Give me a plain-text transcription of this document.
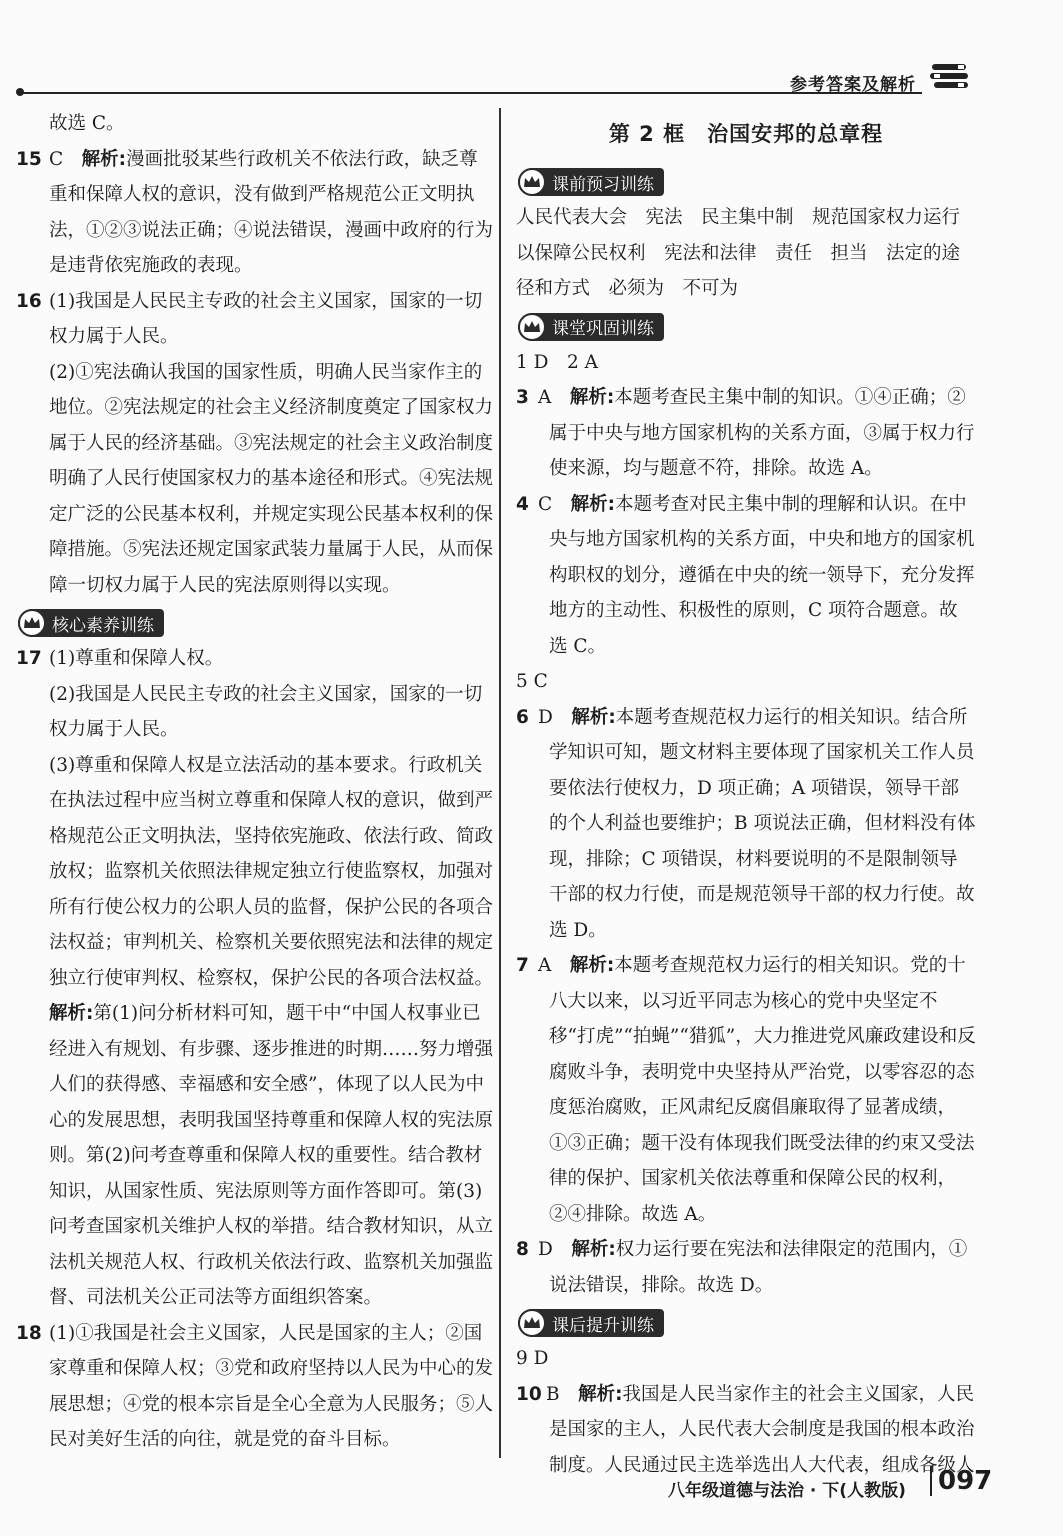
参考答案及解析

故选 C。

15 C　 解析:漫画批驳某些行政机关不依法行政，缺乏尊重和保障人权的意识，没有做到严格规范公正文明执法，①②③说法正确；④说法错误，漫画中政府的行为是违背依宪施政的表现。

16 (1)我国是人民民主专政的社会主义国家，国家的一切权力属于人民。

(2)①宪法确认我国的国家性质，明确人民当家作主的地位。②宪法规定的社会主义经济制度奠定了国家权力属于人民的经济基础。③宪法规定的社会主义政治制度明确了人民行使国家权力的基本途径和形式。④宪法规定广泛的公民基本权利，并规定实现公民基本权利的保障措施。⑤宪法还规定国家武装力量属于人民，从而保障一切权力属于人民的宪法原则得以实现。

核心素养训练

17 (1)尊重和保障人权。

(2)我国是人民民主专政的社会主义国家，国家的一切权力属于人民。

(3)尊重和保障人权是立法活动的基本要求。行政机关在执法过程中应当树立尊重和保障人权的意识，做到严格规范公正文明执法，坚持依宪施政、依法行政、简政放权；监察机关依照法律规定独立行使监察权，加强对所有行使公权力的公职人员的监督，保护公民的各项合法权益；审判机关、检察机关要依照宪法和法律的规定独立行使审判权、检察权，保护公民的各项合法权益。

解析:第(1)问分析材料可知，题干中“中国人权事业已经进入有规划、有步骤、逐步推进的时期……努力增强人们的获得感、幸福感和安全感”，体现了以人民为中心的发展思想，表明我国坚持尊重和保障人权的宪法原则。第(2)问考查尊重和保障人权的重要性。结合教材知识，从国家性质、宪法原则等方面作答即可。第(3)问考查国家机关维护人权的举措。结合教材知识，从立法机关规范人权、行政机关依法行政、监察机关加强监督、司法机关公正司法等方面组织答案。

18 (1)①我国是社会主义国家，人民是国家的主人；②国家尊重和保障人权；③党和政府坚持以人民为中心的发展思想；④党的根本宗旨是全心全意为人民服务；⑤人民对美好生活的向往，就是党的奋斗目标。

第 2 框　治国安邦的总章程
课前预习训练

人民代表大会　宪法　民主集中制　规范国家权力运行以保障公民权利　宪法和法律　责任　担当　法定的途径和方式　必须为　不可为

课堂巩固训练

1 D　2 A

3 A　 解析:本题考查民主集中制的知识。①④正确；②属于中央与地方国家机构的关系方面，③属于权力行使来源，均与题意不符，排除。故选 A。

4 C　 解析:本题考查对民主集中制的理解和认识。在中央与地方国家机构的关系方面，中央和地方的国家机构职权的划分，遵循在中央的统一领导下，充分发挥地方的主动性、积极性的原则，C 项符合题意。故选 C。

5 C

6 D　 解析:本题考查规范权力运行的相关知识。结合所学知识可知，题文材料主要体现了国家机关工作人员要依法行使权力，D 项正确；A 项错误，领导干部的个人利益也要维护；B 项说法正确，但材料没有体现，排除；C 项错误，材料要说明的不是限制领导干部的权力行使，而是规范领导干部的权力行使。故选 D。

7 A　 解析:本题考查规范权力运行的相关知识。党的十八大以来，以习近平同志为核心的党中央坚定不移“打虎”“拍蝇”“猎狐”，大力推进党风廉政建设和反腐败斗争，表明党中央坚持从严治党，以零容忍的态度惩治腐败，正风肃纪反腐倡廉取得了显著成绩，①③正确；题干没有体现我们既受法律的约束又受法律的保护、国家机关依法尊重和保障公民的权利，②④排除。故选 A。

8 D　 解析:权力运行要在宪法和法律限定的范围内，①说法错误，排除。故选 D。

课后提升训练

9 D

10 B　 解析:我国是人民当家作主的社会主义国家，人民是国家的主人，人民代表大会制度是我国的根本政治制度。人民通过民主选举选出人大代表，组成各级人

八年级道德与法治 · 下(人教版)	097
